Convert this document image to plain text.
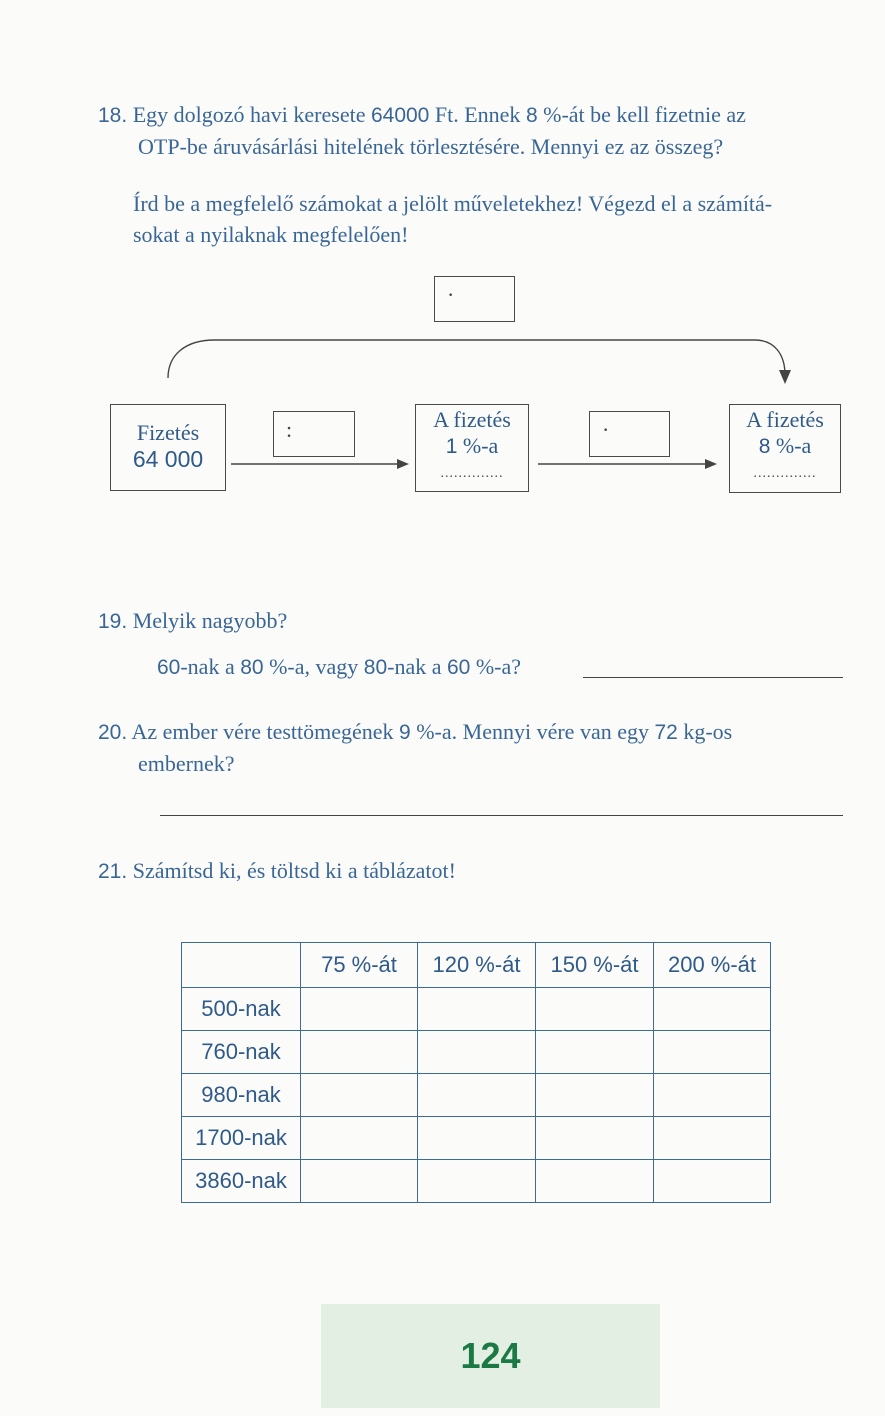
18. Egy dolgozó havi keresete 64000 Ft. Ennek 8 %-át be kell fizetnie az
OTP-be áruvásárlási hitelének törlesztésére. Mennyi ez az összeg?
Írd be a megfelelő számokat a jelölt műveletekhez! Végezd el a számítá-
sokat a nyilaknak megfelelően!
·
Fizetés
64 000
:	A fizetés
1 %-a
..............
·	A fizetés
8 %-a
..............
19. Melyik nagyobb?
60-nak a 80 %-a, vagy 80-nak a 60 %-a?
20. Az ember vére testtömegének 9 %-a. Mennyi vére van egy 72 kg-os
embernek?
21. Számítsd ki, és töltsd ki a táblázatot!
	75 %-át	120 %-át	150 %-át	200 %-át
500-nak				
760-nak				
980-nak				
1700-nak				
3860-nak				
124
